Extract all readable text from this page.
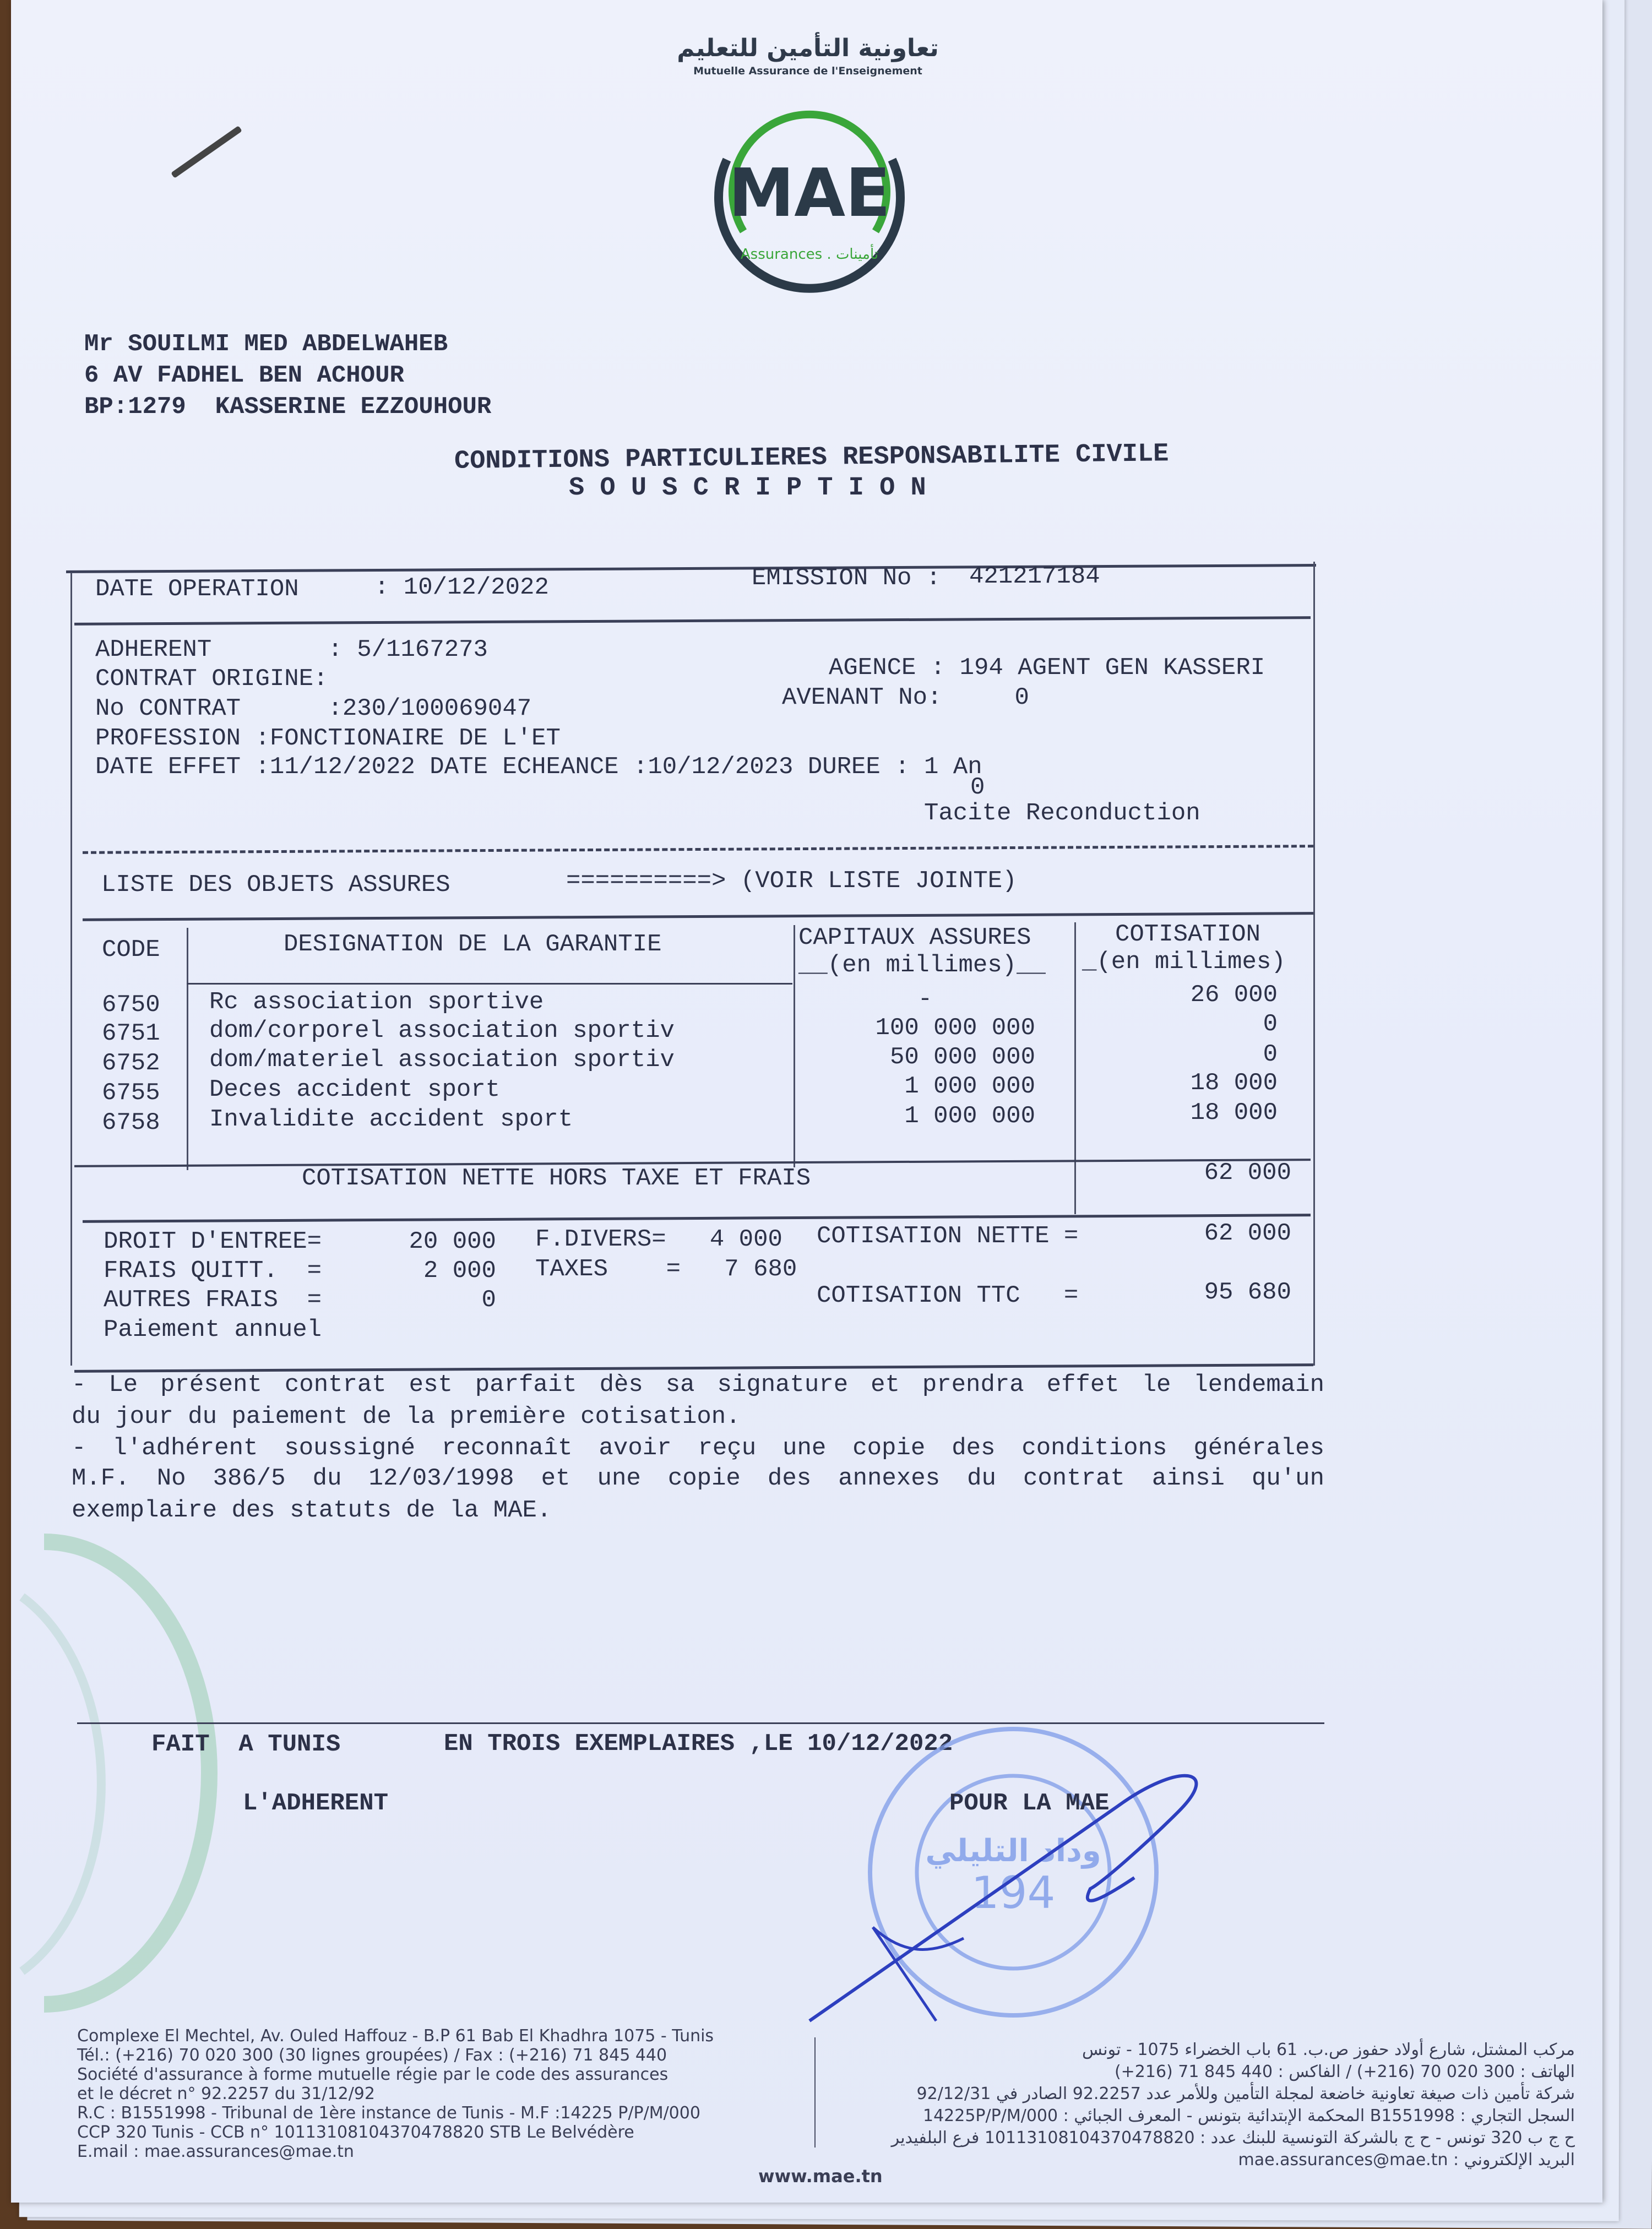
تعاونية التأمين للتعليم
Mutuelle Assurance de l'Enseignement
MAE
Assurances . تأمينات
Mr SOUILMI MED ABDELWAHEB
6 AV FADHEL BEN ACHOUR
BP:1279  KASSERINE EZZOUHOUR
CONDITIONS PARTICULIERES RESPONSABILITE CIVILE
S O U S C R I P T I O N
DATE OPERATION	: 10/12/2022	EMISSION No : 421217184
ADHERENT        : 5/1167273
CONTRAT ORIGINE:
No CONTRAT      :230/100069047
PROFESSION :FONCTIONAIRE DE L'ET
DATE EFFET :11/12/2022 DATE ECHEANCE :10/12/2023 DUREE : 1 An
0
Tacite Reconduction
AGENCE : 194 AGENT GEN KASSERI
AVENANT No:     0
LISTE DES OBJETS ASSURES	==========> (VOIR LISTE JOINTE)
CODE	DESIGNATION DE LA GARANTIE	CAPITAUX ASSURES
__(en millimes)__
COTISATION
_(en millimes)
6750 Rc association sportive	-	26 000
6751 dom/corporel association sportiv	100 000 000	0
6752 dom/materiel association sportiv	50 000 000	0
6755 Deces accident sport	1 000 000	18 000
6758 Invalidite accident sport	1 000 000	18 000
COTISATION NETTE HORS TAXE ET FRAIS	62 000
DROIT D'ENTREE=      20 000
FRAIS QUITT.  =       2 000
AUTRES FRAIS  =           0
Paiement annuel
F.DIVERS=   4 000
TAXES    =   7 680
COTISATION NETTE =	62 000
COTISATION TTC   =	95 680
- Le présent contrat est parfait dès sa signature et prendra effet le lendemain
du jour du paiement de la première cotisation.
- l'adhérent soussigné reconnaît avoir reçu une copie des conditions générales
M.F. No 386/5 du 12/03/1998 et une copie des annexes du contrat ainsi qu'un
exemplaire des statuts de la MAE.
FAIT  A TUNIS	EN TROIS EXEMPLAIRES ,LE 10/12/2022
L'ADHERENT
وداد التليلي
194
POUR LA MAE
Complexe El Mechtel, Av. Ouled Haffouz - B.P 61 Bab El Khadhra 1075 - Tunis
Tél.: (+216) 70 020 300 (30 lignes groupées) / Fax : (+216) 71 845 440
Société d'assurance à forme mutuelle régie par le code des assurances
et le décret n° 92.2257 du 31/12/92
R.C : B1551998 - Tribunal de 1ère instance de Tunis - M.F :14225 P/P/M/000
CCP 320 Tunis - CCB n° 10113108104370478820 STB Le Belvédère
E.mail : mae.assurances@mae.tn
مركب المشتل، شارع أولاد حفوز ص.ب. 61 باب الخضراء 1075 - تونس
الهاتف : 300 020 70 (216+) / الفاكس : 440 845 71 (216+)
شركة تأمين ذات صيغة تعاونية خاضعة لمجلة التأمين وللأمر عدد 92.2257 الصادر في 92/12/31
السجل التجاري : B1551998 المحكمة الإبتدائية بتونس - المعرف الجبائي : 14225P/P/M/000
ح ج ب 320 تونس - ح ج بالشركة التونسية للبنك عدد : 10113108104370478820 فرع البلفيدير
البريد الإلكتروني : mae.assurances@mae.tn
www.mae.tn
